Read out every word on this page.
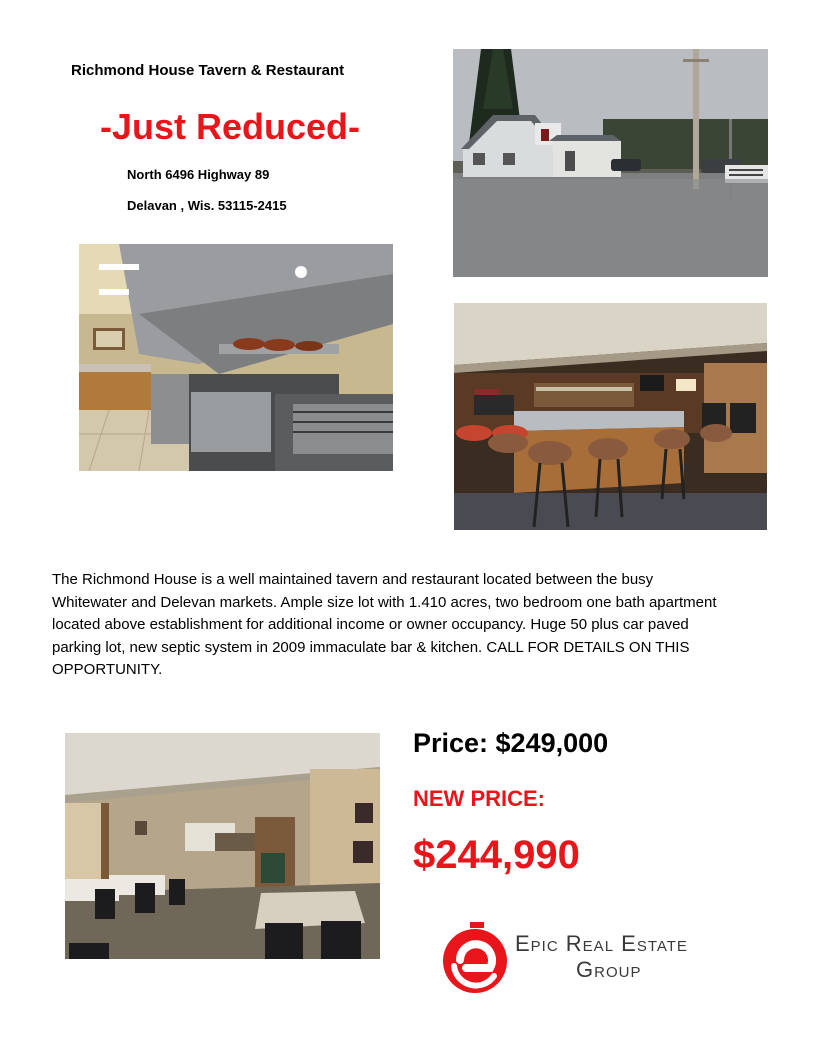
Richmond House Tavern & Restaurant
-Just Reduced-
North 6496 Highway 89
Delavan , Wis. 53115-2415
The Richmond House is a well maintained tavern and restaurant located between the busy Whitewater and Delevan markets. Ample size lot with 1.410 acres, two bedroom one bath apartment located above establishment for additional income or owner occupancy. Huge 50 plus car paved parking lot, new septic system in 2009 immaculate bar & kitchen. CALL FOR DETAILS ON THIS OPPORTUNITY.
Price: $249,000
NEW PRICE:
$244,990
Epic Real Estate
Group
